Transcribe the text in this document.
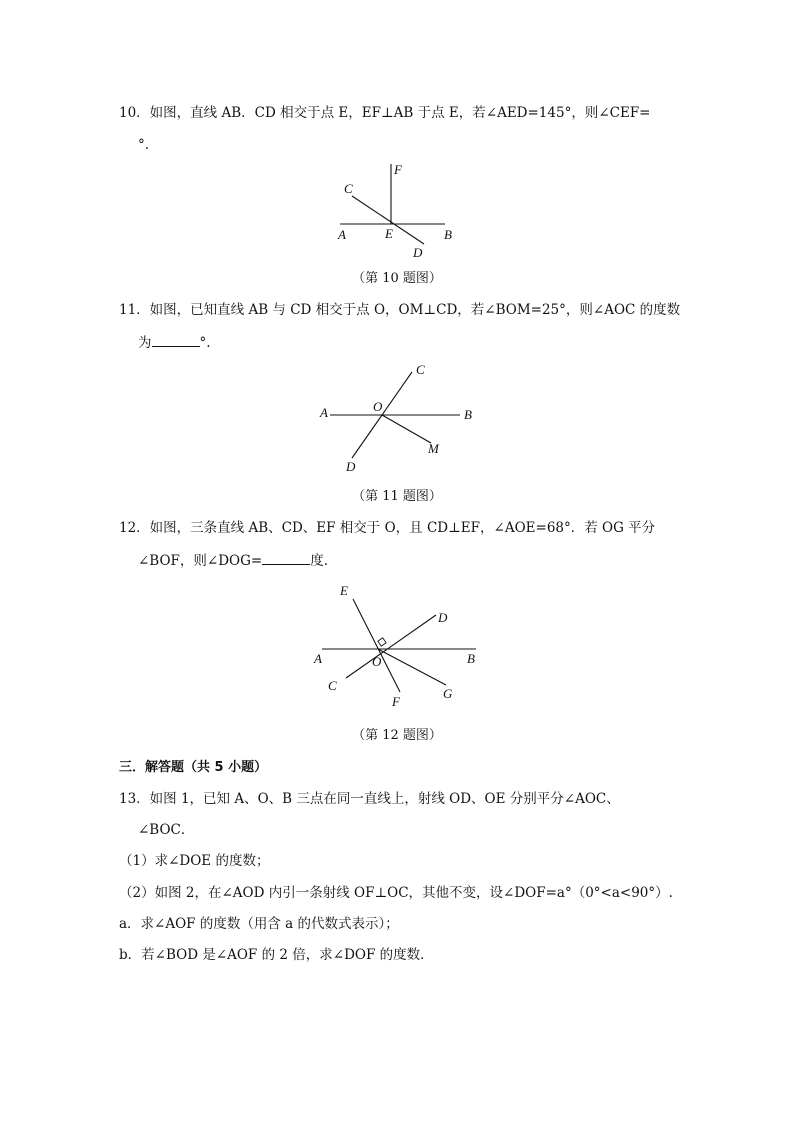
10．如图，直线 AB．CD 相交于点 E，EF⊥AB 于点 E，若∠AED=145°，则∠CEF=
°.
F
C
A	E	B
D
（第 10 题图）
11．如图，已知直线 AB 与 CD 相交于点 O，OM⊥CD，若∠BOM=25°，则∠AOC 的度数
为	°.
C
A	O
B
M
D
（第 11 题图）
12．如图，三条直线 AB、CD、EF 相交于 O，且 CD⊥EF，∠AOE=68°．若 OG 平分
∠BOF，则∠DOG=	度.
E
D
A	O	B
C
F
G
（第 12 题图）
三．解答题（共 5 小题）
13．如图 1，已知 A、O、B 三点在同一直线上，射线 OD、OE 分别平分∠AOC、
∠BOC．
（1）求∠DOE 的度数；
（2）如图 2，在∠AOD 内引一条射线 OF⊥OC，其他不变，设∠DOF=a°（0°<a<90°）.
a．求∠AOF 的度数（用含 a 的代数式表示）；
b．若∠BOD 是∠AOF 的 2 倍，求∠DOF 的度数．
